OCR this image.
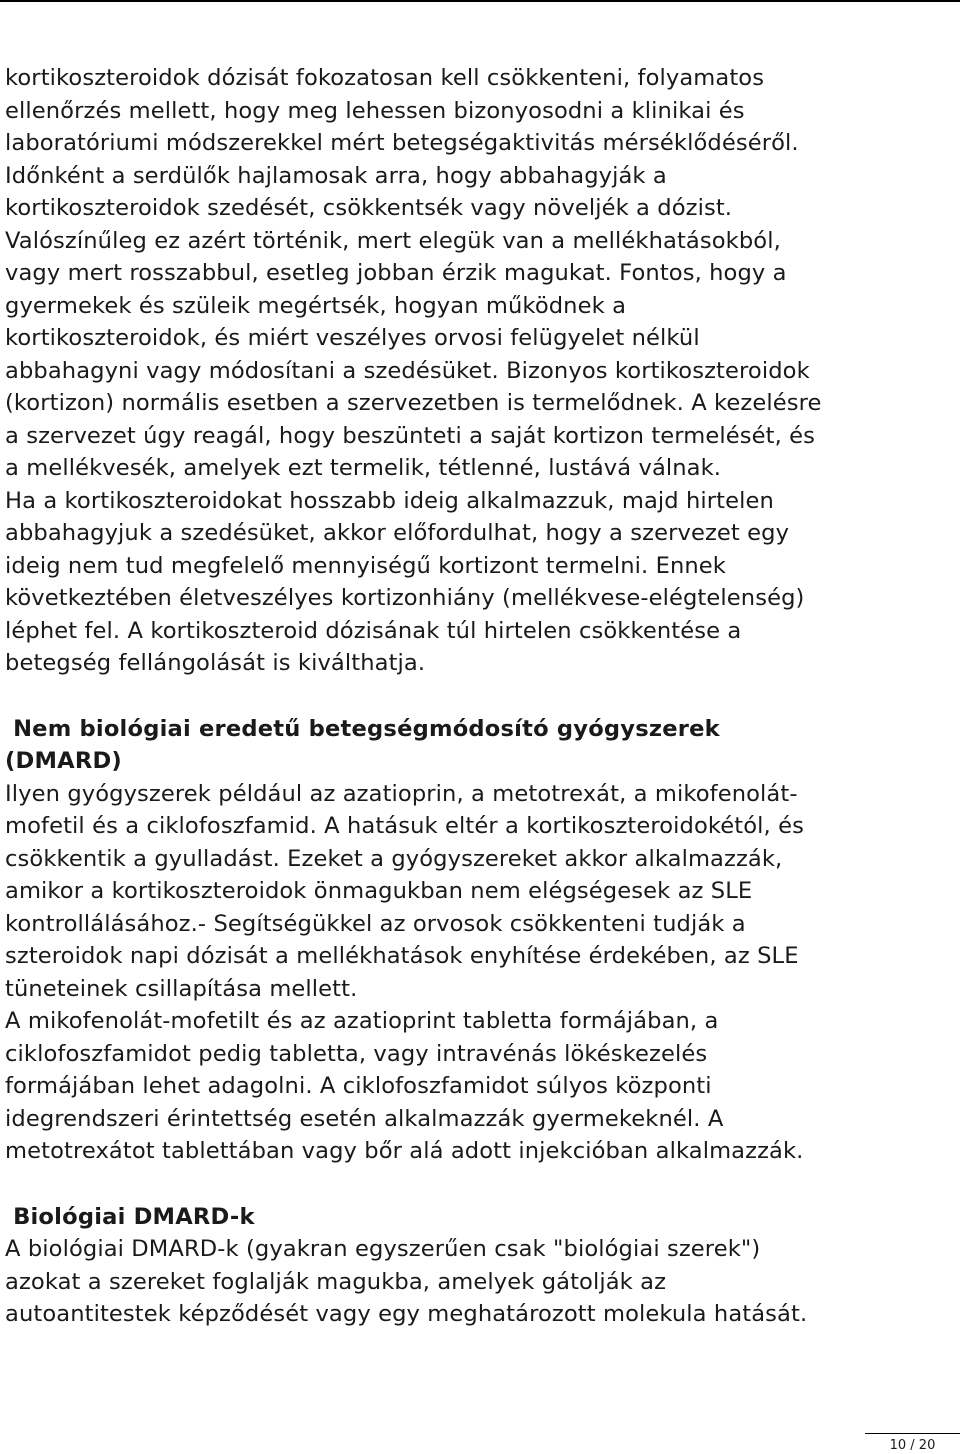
kortikoszteroidok dózisát fokozatosan kell csökkenteni, folyamatos
ellenőrzés mellett, hogy meg lehessen bizonyosodni a klinikai és
laboratóriumi módszerekkel mért betegségaktivitás mérséklődéséről.
Időnként a serdülők hajlamosak arra, hogy abbahagyják a
kortikoszteroidok szedését, csökkentsék vagy növeljék a dózist.
Valószínűleg ez azért történik, mert elegük van a mellékhatásokból,
vagy mert rosszabbul, esetleg jobban érzik magukat. Fontos, hogy a
gyermekek és szüleik megértsék, hogyan működnek a
kortikoszteroidok, és miért veszélyes orvosi felügyelet nélkül
abbahagyni vagy módosítani a szedésüket. Bizonyos kortikoszteroidok
(kortizon) normális esetben a szervezetben is termelődnek. A kezelésre
a szervezet úgy reagál, hogy beszünteti a saját kortizon termelését, és
a mellékvesék, amelyek ezt termelik, tétlenné, lustává válnak.
Ha a kortikoszteroidokat hosszabb ideig alkalmazzuk, majd hirtelen
abbahagyjuk a szedésüket, akkor előfordulhat, hogy a szervezet egy
ideig nem tud megfelelő mennyiségű kortizont termelni. Ennek
következtében életveszélyes kortizonhiány (mellékvese-elégtelenség)
léphet fel. A kortikoszteroid dózisának túl hirtelen csökkentése a
betegség fellángolását is kiválthatja.
Nem biológiai eredetű betegségmódosító gyógyszerek
(DMARD)
Ilyen gyógyszerek például az azatioprin, a metotrexát, a mikofenolát-
mofetil és a ciklofoszfamid. A hatásuk eltér a kortikoszteroidokétól, és
csökkentik a gyulladást. Ezeket a gyógyszereket akkor alkalmazzák,
amikor a kortikoszteroidok önmagukban nem elégségesek az SLE
kontrollálásához.- Segítségükkel az orvosok csökkenteni tudják a
szteroidok napi dózisát a mellékhatások enyhítése érdekében, az SLE
tüneteinek csillapítása mellett.
A mikofenolát-mofetilt és az azatioprint tabletta formájában, a
ciklofoszfamidot pedig tabletta, vagy intravénás lökéskezelés
formájában lehet adagolni. A ciklofoszfamidot súlyos központi
idegrendszeri érintettség esetén alkalmazzák gyermekeknél. A
metotrexátot tablettában vagy bőr alá adott injekcióban alkalmazzák.
Biológiai DMARD-k
A biológiai DMARD-k (gyakran egyszerűen csak "biológiai szerek")
azokat a szereket foglalják magukba, amelyek gátolják az
autoantitestek képződését vagy egy meghatározott molekula hatását.
10 / 20
